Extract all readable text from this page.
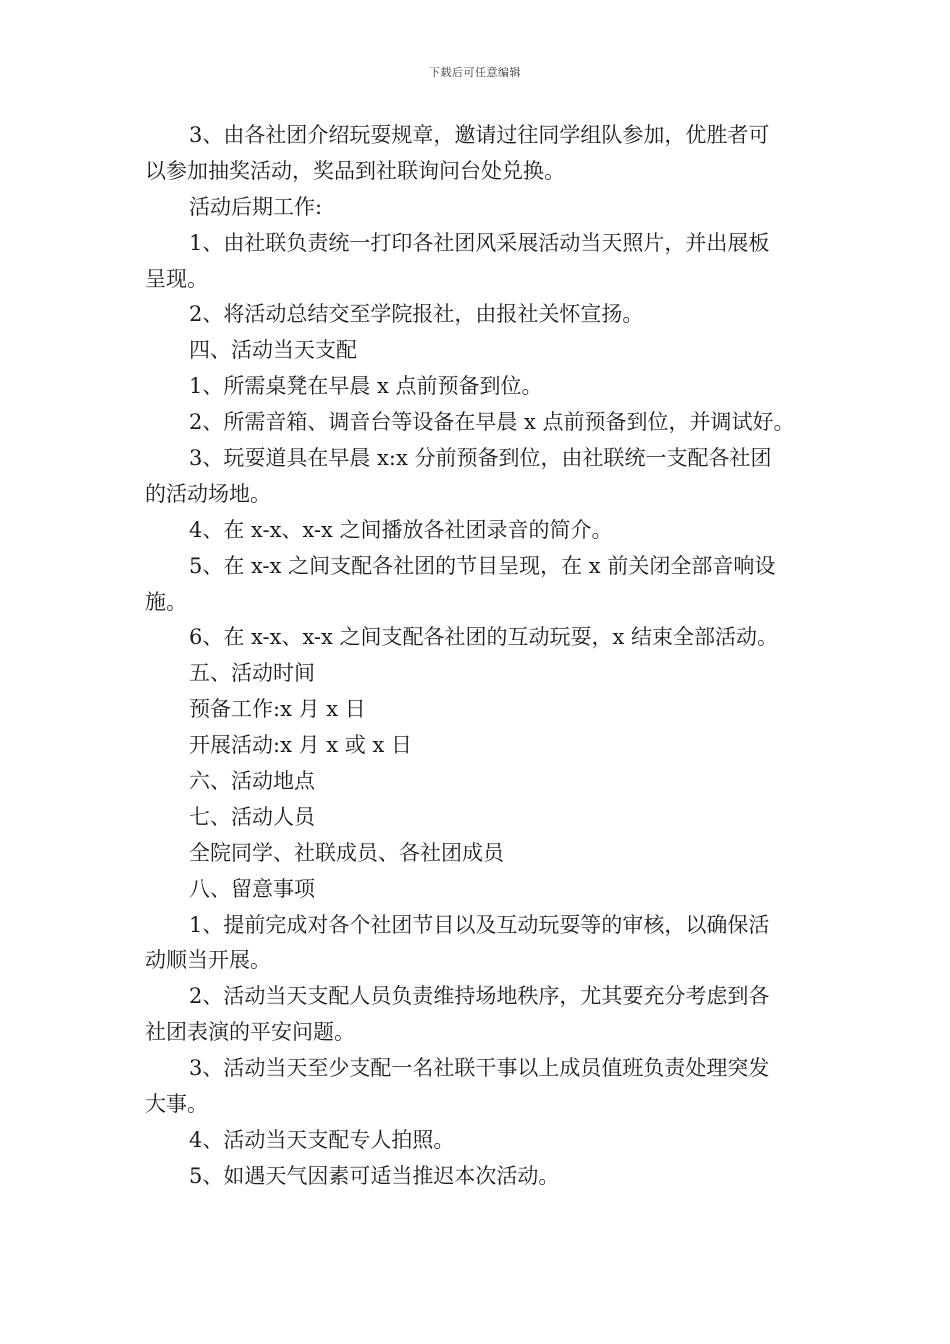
下载后可任意编辑
3、由各社团介绍玩耍规章，邀请过往同学组队参加，优胜者可
以参加抽奖活动，奖品到社联询问台处兑换。
活动后期工作:
1、由社联负责统一打印各社团风采展活动当天照片，并出展板
呈现。
2、将活动总结交至学院报社，由报社关怀宣扬。
四、活动当天支配
1、所需桌凳在早晨 x 点前预备到位。
2、所需音箱、调音台等设备在早晨 x 点前预备到位，并调试好。
3、玩耍道具在早晨 x:x 分前预备到位，由社联统一支配各社团
的活动场地。
4、在 x-x、x-x 之间播放各社团录音的简介。
5、在 x-x 之间支配各社团的节目呈现，在 x 前关闭全部音响设
施。
6、在 x-x、x-x 之间支配各社团的互动玩耍，x 结束全部活动。
五、活动时间
预备工作:x 月 x 日
开展活动:x 月 x 或 x 日
六、活动地点
七、活动人员
全院同学、社联成员、各社团成员
八、留意事项
1、提前完成对各个社团节目以及互动玩耍等的审核，以确保活
动顺当开展。
2、活动当天支配人员负责维持场地秩序，尤其要充分考虑到各
社团表演的平安问题。
3、活动当天至少支配一名社联干事以上成员值班负责处理突发
大事。
4、活动当天支配专人拍照。
5、如遇天气因素可适当推迟本次活动。
